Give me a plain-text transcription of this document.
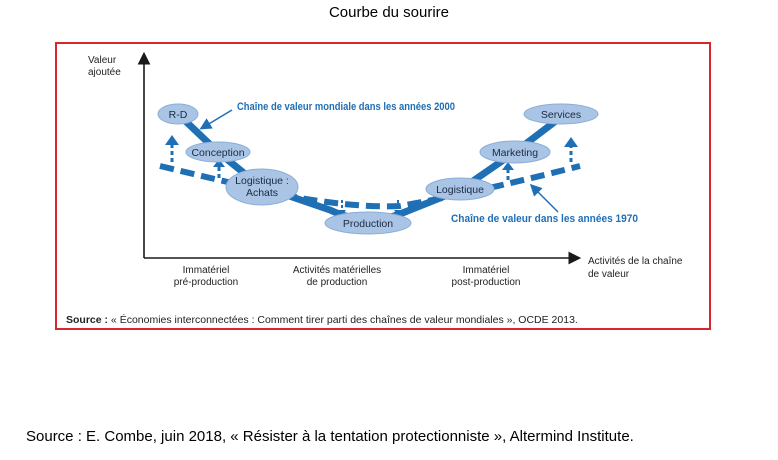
Courbe du sourire
R-D
Conception
Logistique :
Achats
Production
Logistique
Marketing
Services
Chaîne de valeur mondiale dans les années 2000
Chaîne de valeur dans les années 1970
Valeur
ajoutée
Activités de la chaîne
de valeur
Immatériel
pré-production
Activités matérielles
de production
Immatériel
post-production
Source : « Économies interconnectées : Comment tirer parti des chaînes de valeur mondiales », OCDE 2013.
Source : E. Combe, juin 2018, « Résister à la tentation protectionniste », Altermind Institute.
